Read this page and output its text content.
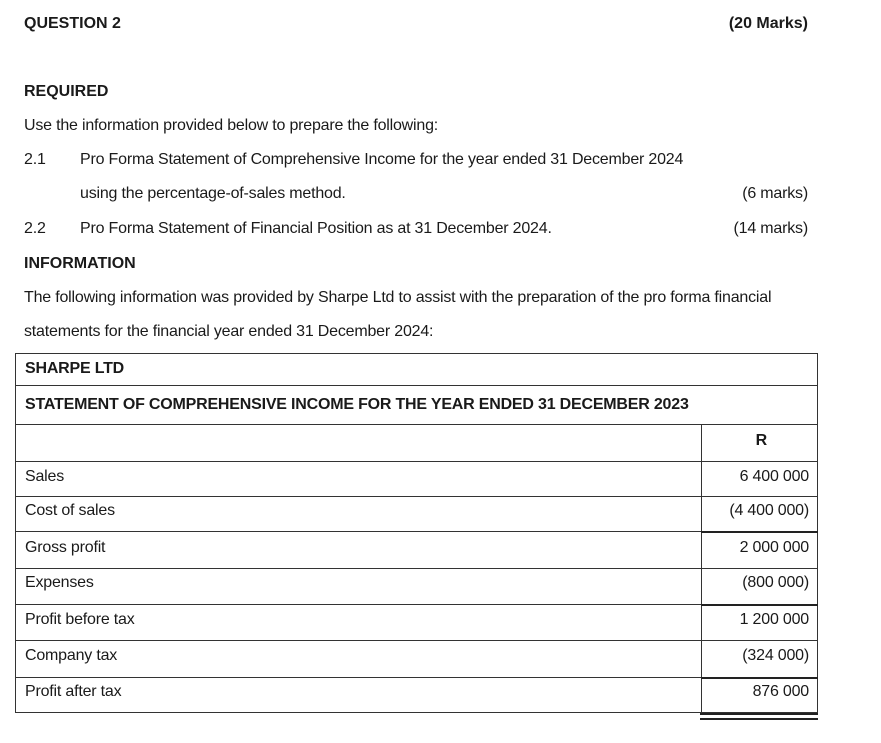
QUESTION 2	(20 Marks)
REQUIRED
Use the information provided below to prepare the following:
2.1 Pro Forma Statement of Comprehensive Income for the year ended 31 December 2024
using the percentage-of-sales method.	(6 marks)
2.2 Pro Forma Statement of Financial Position as at 31 December 2024.	(14 marks)
INFORMATION
The following information was provided by Sharpe Ltd to assist with the preparation of the pro forma financial
statements for the financial year ended 31 December 2024:
SHARPE LTD
STATEMENT OF COMPREHENSIVE INCOME FOR THE YEAR ENDED 31 DECEMBER 2023
R
Sales	6 400 000
Cost of sales	(4 400 000)
Gross profit	2 000 000
Expenses	(800 000)
Profit before tax	1 200 000
Company tax	(324 000)
Profit after tax	876 000
